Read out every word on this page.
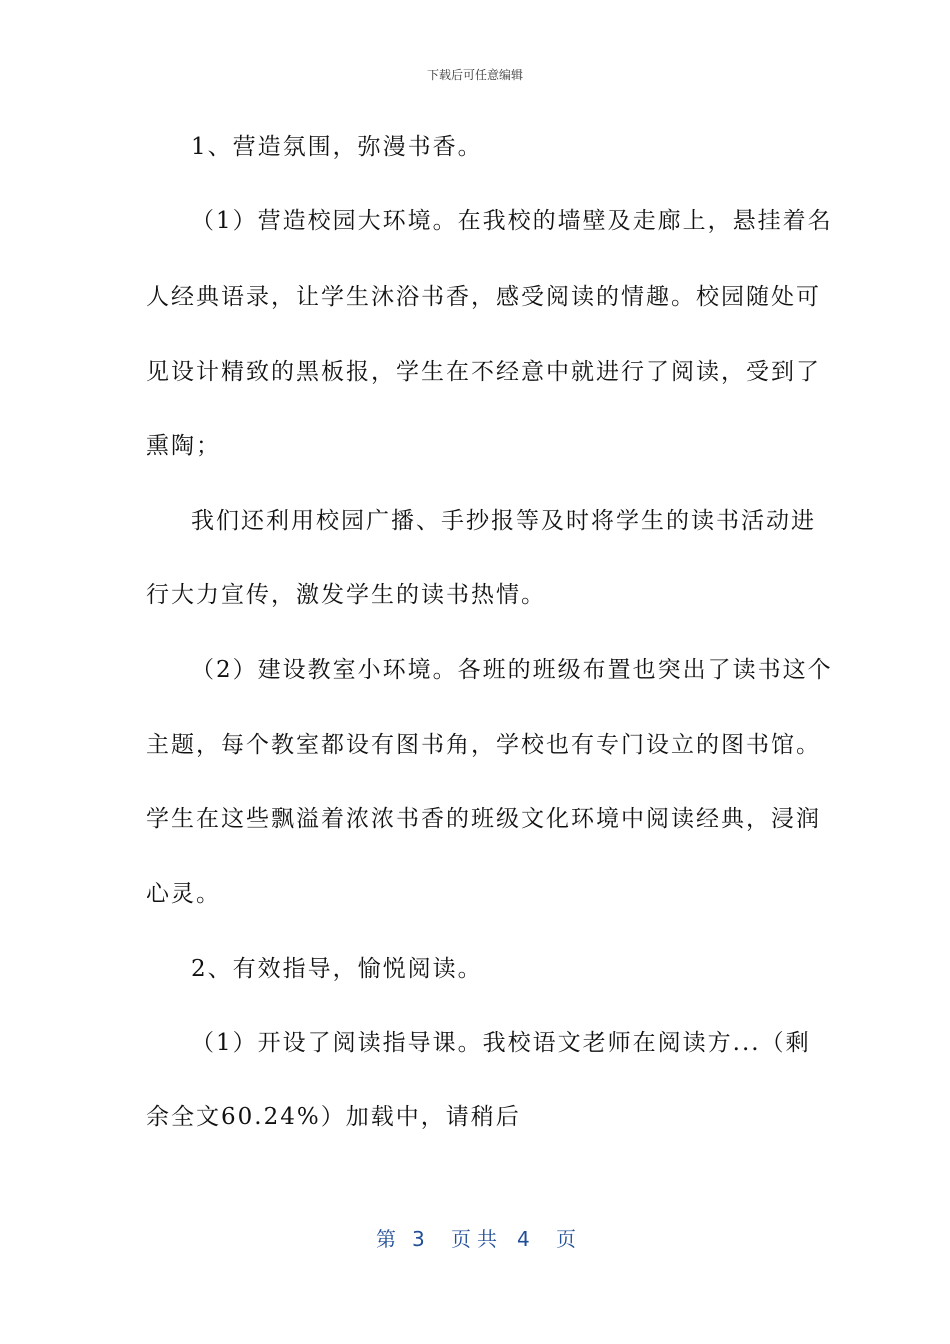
下载后可任意编辑
1、营造氛围，弥漫书香。
（1）营造校园大环境。在我校的墙壁及走廊上，悬挂着名
人经典语录，让学生沐浴书香，感受阅读的情趣。校园随处可
见设计精致的黑板报，学生在不经意中就进行了阅读，受到了
熏陶；
我们还利用校园广播、手抄报等及时将学生的读书活动进
行大力宣传，激发学生的读书热情。
（2）建设教室小环境。各班的班级布置也突出了读书这个
主题，每个教室都设有图书角，学校也有专门设立的图书馆。
学生在这些飘溢着浓浓书香的班级文化环境中阅读经典，浸润
心灵。
2、有效指导，愉悦阅读。
（1）开设了阅读指导课。我校语文老师在阅读方...（剩
余全文60.24%）加载中，请稍后
第 3 页共 4 页
